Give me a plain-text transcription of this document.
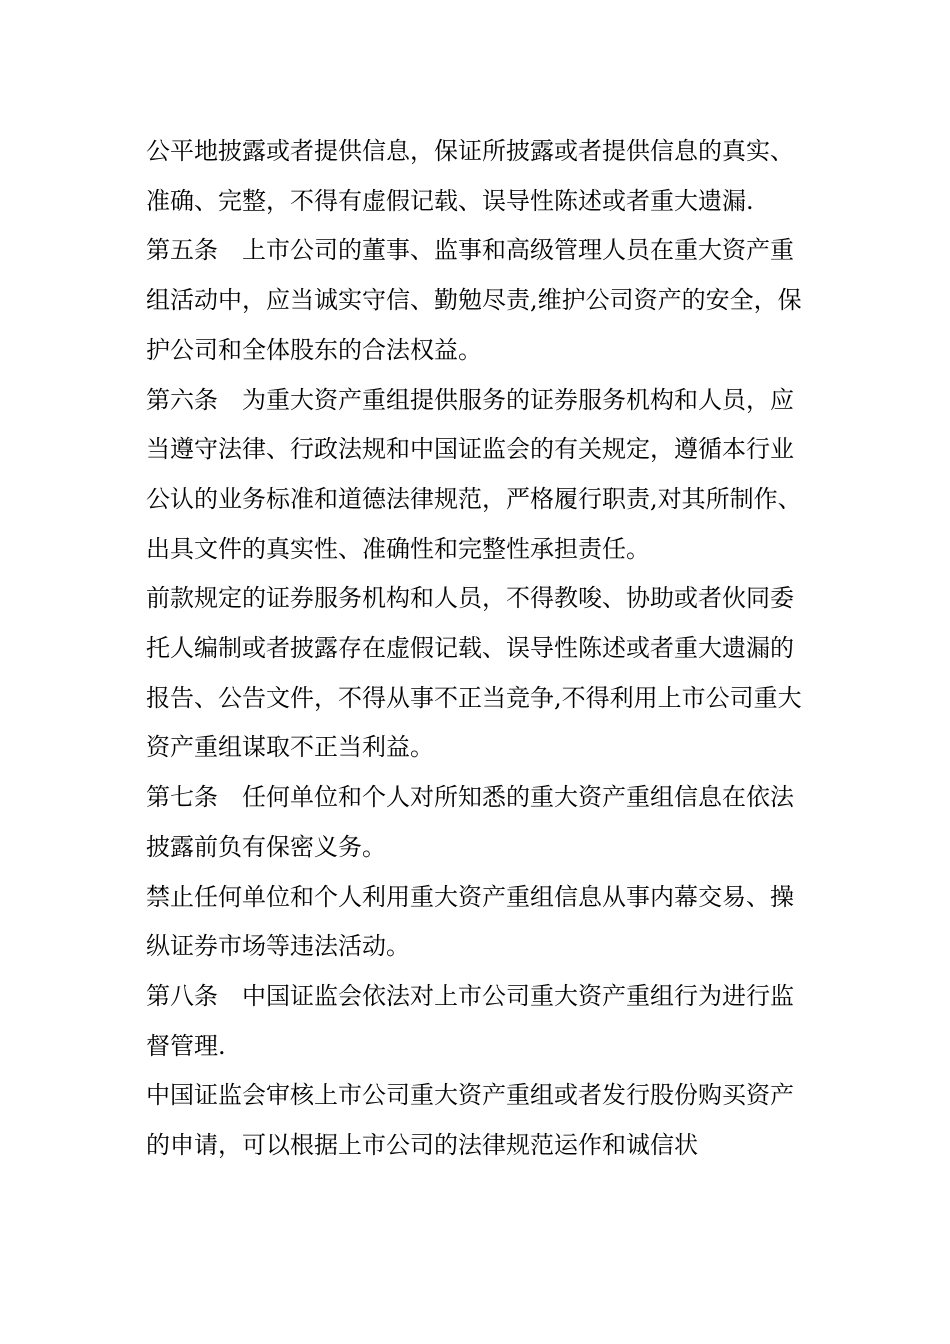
公平地披露或者提供信息，保证所披露或者提供信息的真实、准确、完整，不得有虚假记载、误导性陈述或者重大遗漏.

第五条　上市公司的董事、监事和高级管理人员在重大资产重组活动中，应当诚实守信、勤勉尽责,维护公司资产的安全，保护公司和全体股东的合法权益。

第六条　为重大资产重组提供服务的证券服务机构和人员，应当遵守法律、行政法规和中国证监会的有关规定，遵循本行业公认的业务标准和道德法律规范，严格履行职责,对其所制作、出具文件的真实性、准确性和完整性承担责任。

前款规定的证券服务机构和人员，不得教唆、协助或者伙同委托人编制或者披露存在虚假记载、误导性陈述或者重大遗漏的报告、公告文件，不得从事不正当竞争,不得利用上市公司重大资产重组谋取不正当利益。

第七条　任何单位和个人对所知悉的重大资产重组信息在依法披露前负有保密义务。

禁止任何单位和个人利用重大资产重组信息从事内幕交易、操纵证券市场等违法活动。

第八条　中国证监会依法对上市公司重大资产重组行为进行监督管理.

中国证监会审核上市公司重大资产重组或者发行股份购买资产的申请，可以根据上市公司的法律规范运作和诚信状
